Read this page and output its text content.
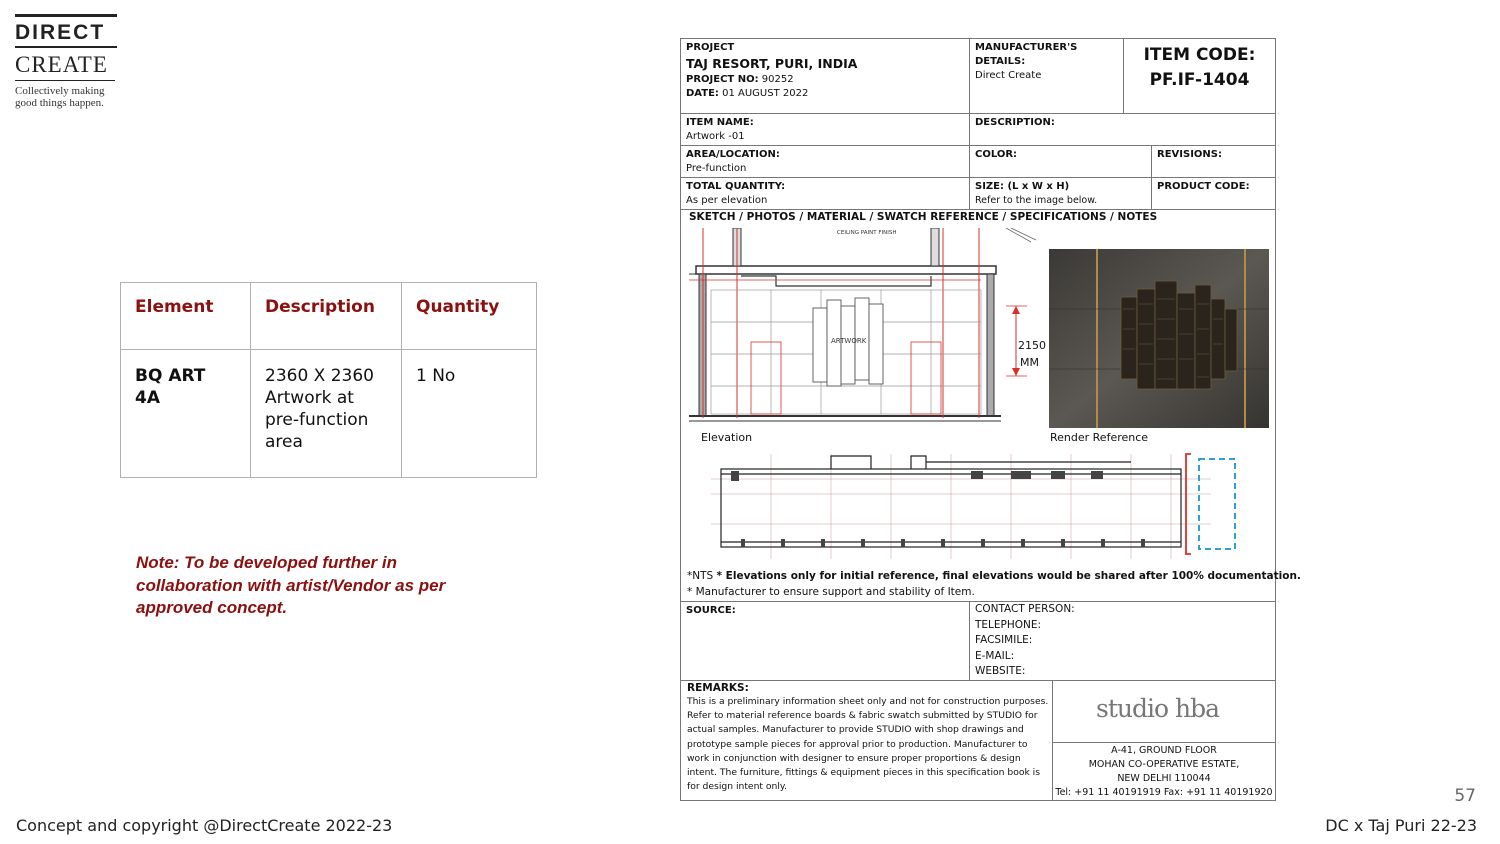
DIRECT
CREATE
Collectively making
good things happen.
Element	Description	Quantity
BQ ART 4A	2360 X 2360 Artwork at pre-function area	1 No
Note: To be developed further in collaboration with artist/Vendor as per approved concept.
PROJECT
TAJ RESORT, PURI, INDIA
PROJECT NO: 90252
DATE: 01 AUGUST 2022
MANUFACTURER'S
DETAILS:
Direct Create
ITEM CODE:
PF.IF-1404
ITEM NAME:
Artwork -01
DESCRIPTION:
AREA/LOCATION:
Pre-function
COLOR:	REVISIONS:
TOTAL QUANTITY:
As per elevation
SIZE: (L x W x H)
Refer to the image below.
PRODUCT CODE:
SKETCH / PHOTOS / MATERIAL / SWATCH REFERENCE / SPECIFICATIONS / NOTES
ARTWORK
CEILING PAINT FINISH
2150
MM
Elevation	Render Reference
*NTS * Elevations only for initial reference, final elevations would be shared after 100% documentation.
* Manufacturer to ensure support and stability of Item.
SOURCE:	CONTACT PERSON:
TELEPHONE:
FACSIMILE:
E-MAIL:
WEBSITE:
REMARKS:
This is a preliminary information sheet only and not for construction purposes. Refer to material reference boards & fabric swatch submitted by STUDIO for actual samples. Manufacturer to provide STUDIO with shop drawings and prototype sample pieces for approval prior to production. Manufacturer to work in conjunction with designer to ensure proper proportions & design intent. The furniture, fittings & equipment pieces in this specification book is for design intent only.
studio hba
A-41, GROUND FLOOR
MOHAN CO-OPERATIVE ESTATE,
NEW DELHI 110044
Tel: +91 11 40191919 Fax: +91 11 40191920	57
Concept and copyright @DirectCreate 2022-23	DC x Taj Puri 22-23
